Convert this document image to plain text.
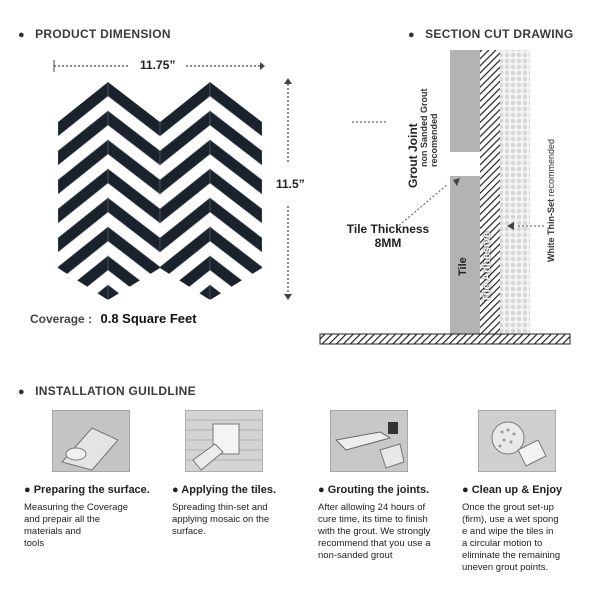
● PRODUCT DIMENSION	● SECTION CUT DRAWING
11.75”
11.5”
Coverage : 0.8 Square Feet
Grout Joint non Sanded Grout recomended
Tile Thickness
8MM
Tile Tile Adhesive
White Thin-Set recommended
● INSTALLATION GUILDLINE
● Preparing the surface.
Measuring the Coverage
and prepair all the
materials and
tools
● Applying the tiles.
Spreading thin-set and
applying mosaic on the
surface.
● Grouting the joints.
After allowing 24 hours of
cure time, its time to finish
with the grout. We strongly
recommend that you use a
non-sanded grout
● Clean up & Enjoy
Once the grout set-up
(firm), use a wet spong
e and wipe the tiles in
a circular motion to
eliminate the remaining
uneven grout points.
